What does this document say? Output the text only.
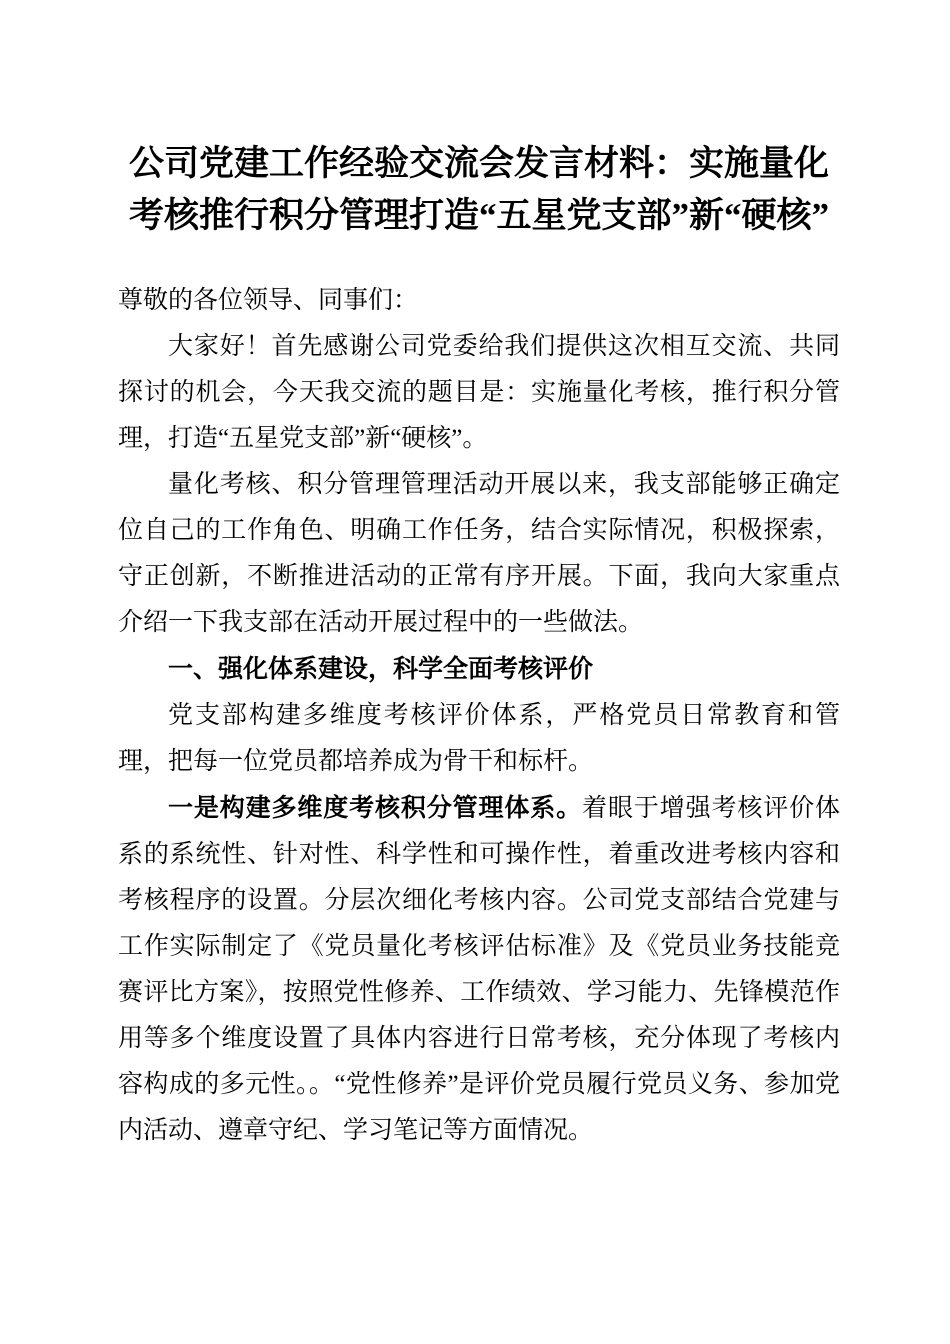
公司党建工作经验交流会发言材料：实施量化考核推行积分管理打造“五星党支部”新“硬核”

尊敬的各位领导、同事们：

大家好！首先感谢公司党委给我们提供这次相互交流、共同探讨的机会，今天我交流的题目是：实施量化考核，推行积分管理，打造“五星党支部”新“硬核”。

量化考核、积分管理管理活动开展以来，我支部能够正确定位自己的工作角色、明确工作任务，结合实际情况，积极探索，守正创新，不断推进活动的正常有序开展。下面，我向大家重点介绍一下我支部在活动开展过程中的一些做法。

一、强化体系建设，科学全面考核评价

党支部构建多维度考核评价体系，严格党员日常教育和管理，把每一位党员都培养成为骨干和标杆。

一是构建多维度考核积分管理体系。着眼于增强考核评价体系的系统性、针对性、科学性和可操作性，着重改进考核内容和考核程序的设置。分层次细化考核内容。公司党支部结合党建与工作实际制定了《党员量化考核评估标准》及《党员业务技能竞赛评比方案》，按照党性修养、工作绩效、学习能力、先锋模范作用等多个维度设置了具体内容进行日常考核，充分体现了考核内容构成的多元性。。“党性修养”是评价党员履行党员义务、参加党内活动、遵章守纪、学习笔记等方面情况。
